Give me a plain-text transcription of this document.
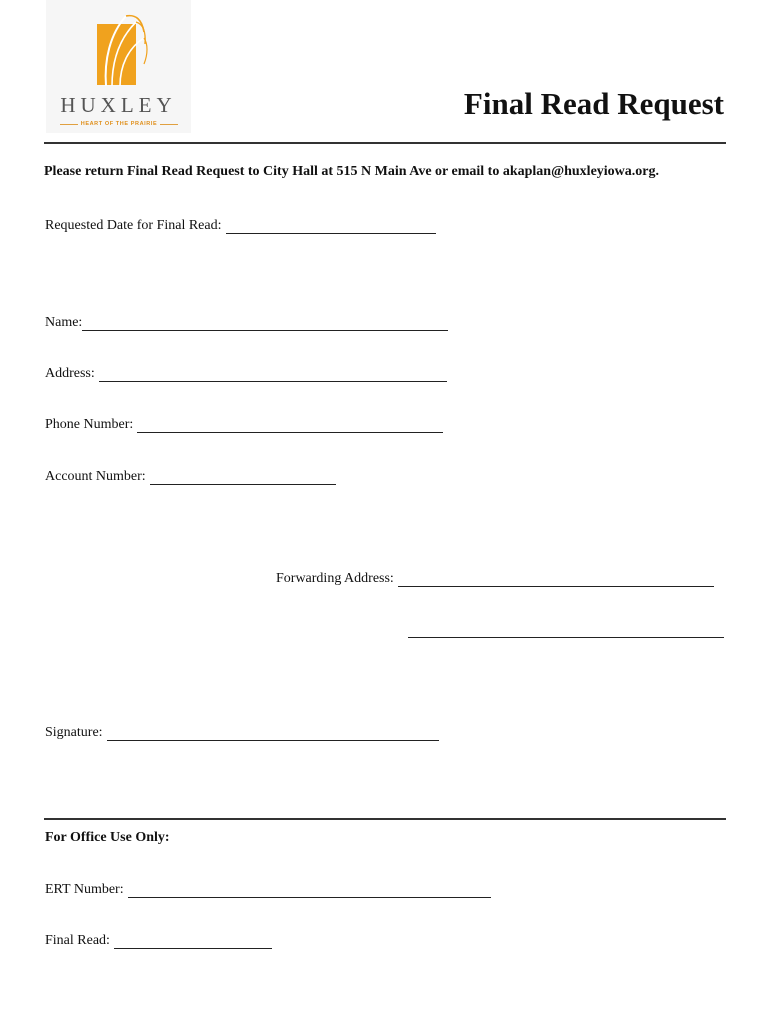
HUXLEY
HEART OF THE PRAIRIE
Final Read Request
Please return Final Read Request to City Hall at 515 N Main Ave or email to akaplan@huxleyiowa.org.
Requested Date for Final Read:
Name:
Address:
Phone Number:
Account Number:
Forwarding Address:
Signature:
For Office Use Only:
ERT Number:
Final Read:
